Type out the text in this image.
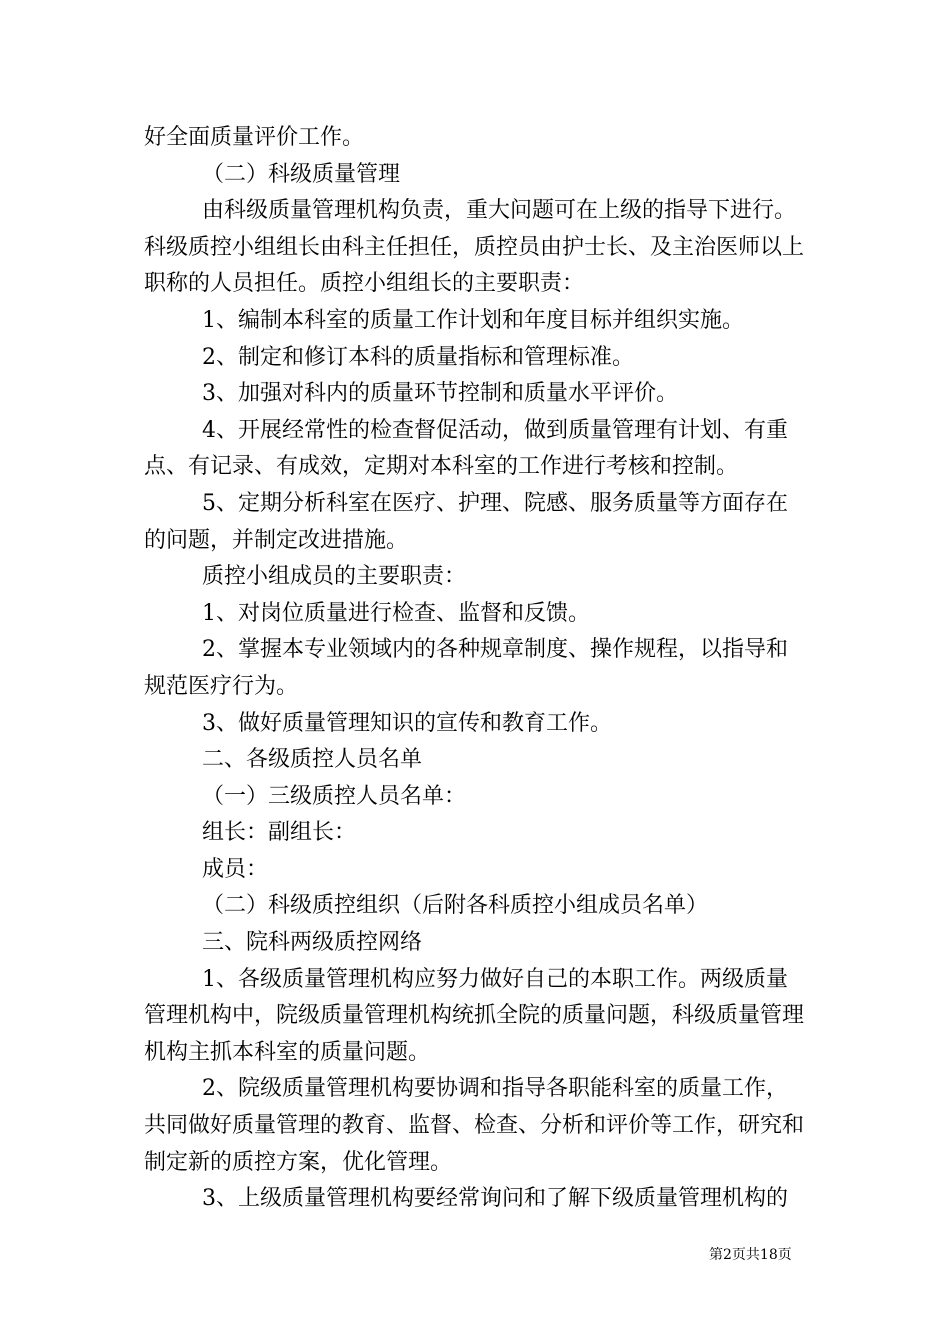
好全面质量评价工作。

（二）科级质量管理

由科级质量管理机构负责，重大问题可在上级的指导下进行。科级质控小组组长由科主任担任，质控员由护士长、及主治医师以上职称的人员担任。质控小组组长的主要职责：

1、编制本科室的质量工作计划和年度目标并组织实施。

2、制定和修订本科的质量指标和管理标准。

3、加强对科内的质量环节控制和质量水平评价。

4、开展经常性的检查督促活动，做到质量管理有计划、有重点、有记录、有成效，定期对本科室的工作进行考核和控制。

5、定期分析科室在医疗、护理、院感、服务质量等方面存在的问题，并制定改进措施。

质控小组成员的主要职责：

1、对岗位质量进行检查、监督和反馈。

2、掌握本专业领域内的各种规章制度、操作规程，以指导和规范医疗行为。

3、做好质量管理知识的宣传和教育工作。

二、各级质控人员名单

（一）三级质控人员名单：

组长：副组长：

成员：

（二）科级质控组织（后附各科质控小组成员名单）

三、院科两级质控网络

1、各级质量管理机构应努力做好自己的本职工作。两级质量管理机构中，院级质量管理机构统抓全院的质量问题，科级质量管理机构主抓本科室的质量问题。

2、院级质量管理机构要协调和指导各职能科室的质量工作，共同做好质量管理的教育、监督、检查、分析和评价等工作，研究和制定新的质控方案，优化管理。

3、上级质量管理机构要经常询问和了解下级质量管理机构的

第2页共18页
